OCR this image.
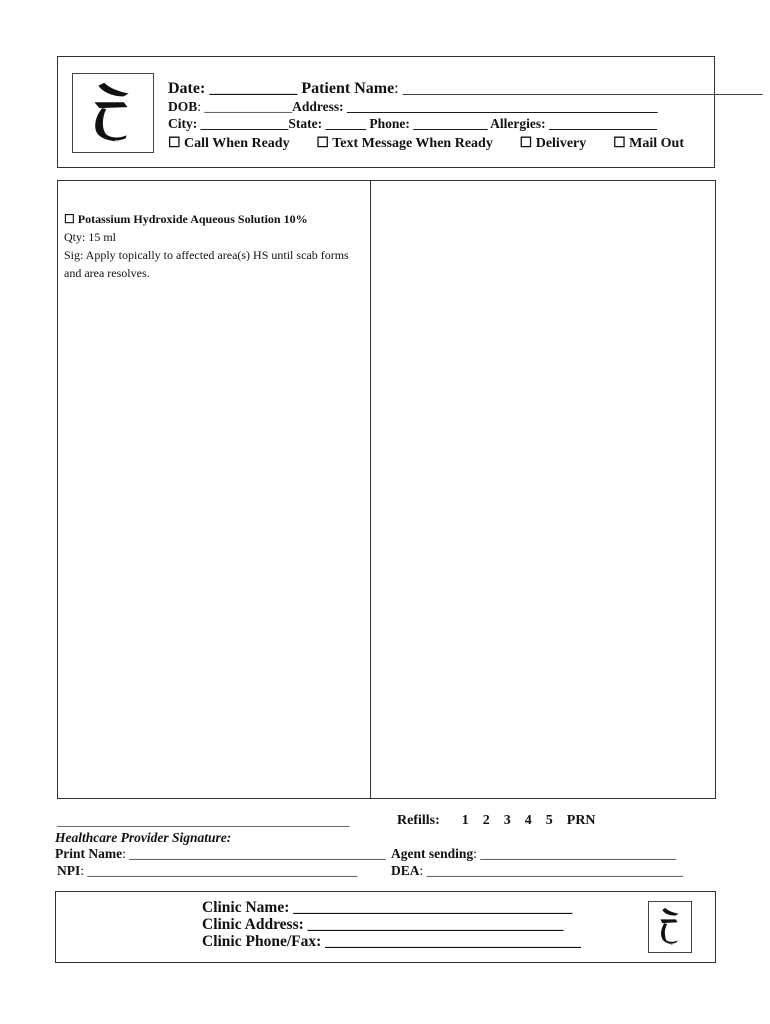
Date: ___________ Patient Name: _____________________________________________
DOB: _____________Address: ______________________________________________
City: _____________State: ______ Phone: ___________ Allergies: ________________
☐ Call When Ready ☐ Text Message When Ready ☐ Delivery ☐ Mail Out
☐ Potassium Hydroxide Aqueous Solution 10%
Qty: 15 ml
Sig: Apply topically to affected area(s) HS until scab forms and area resolves.
_____________________________________________
Healthcare Provider Signature:
Print Name: ______________________________________
NPI: ________________________________________
Refills: 1 2 3 4 5 PRN
Agent sending: _____________________________
DEA: ______________________________________
Clinic Name: ____________________________________
Clinic Address: _________________________________
Clinic Phone/Fax: _________________________________
